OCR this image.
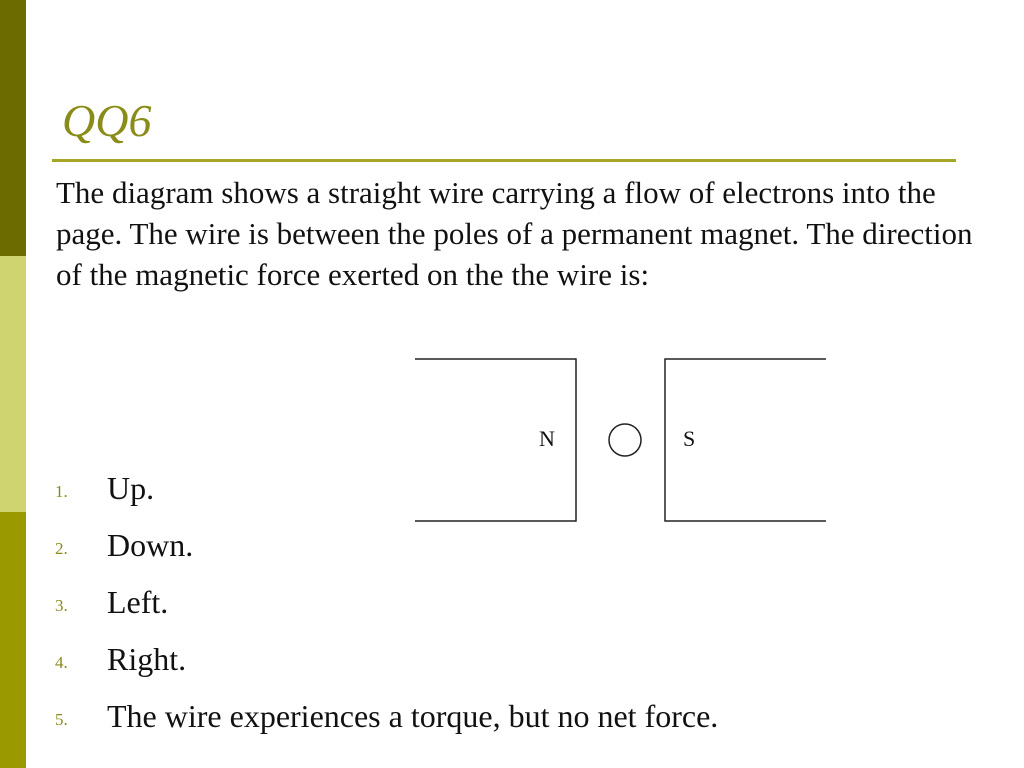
QQ6

The diagram shows a straight wire carrying a flow of electrons into the page. The wire is between the poles of a permanent magnet. The direction of the magnetic force exerted on the the wire is:

N	S
1. Up.
2. Down.
3. Left.
4. Right.
5. The wire experiences a torque, but no net force.
